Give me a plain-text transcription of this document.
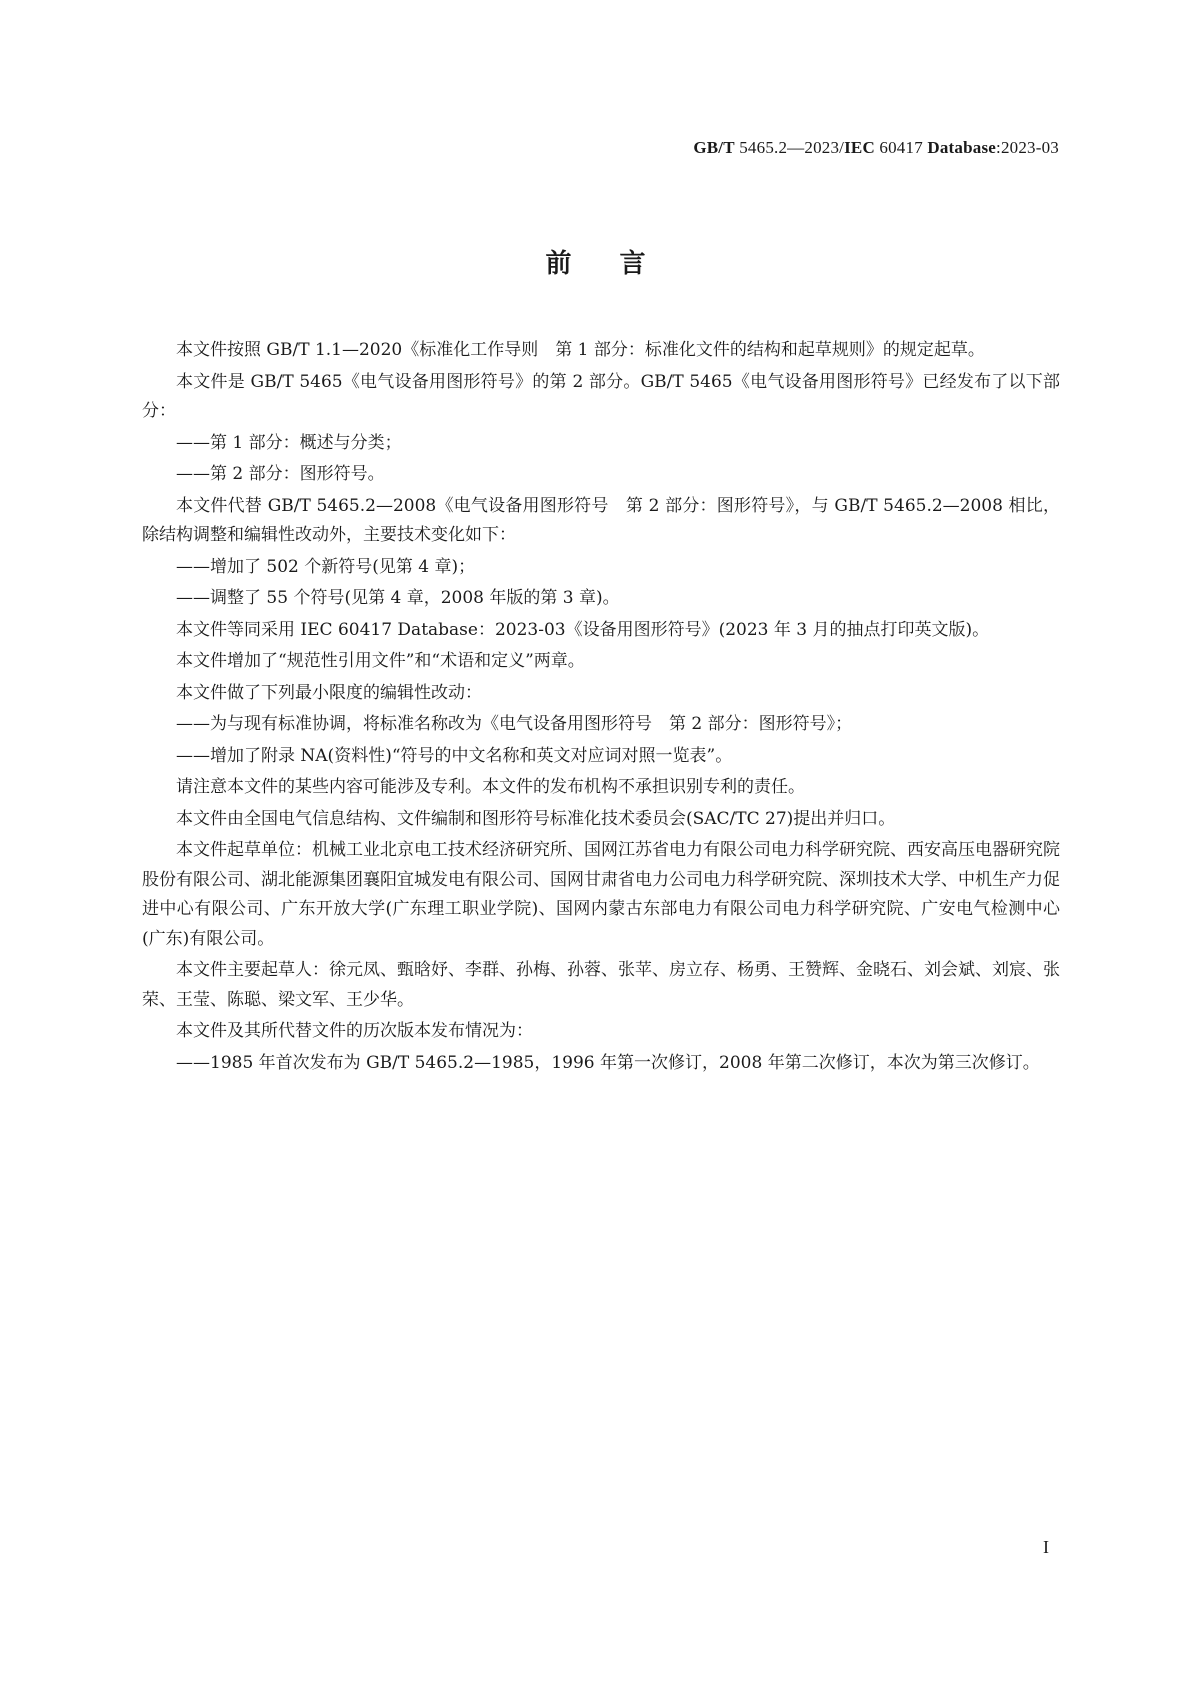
GB/T 5465.2—2023/IEC 60417 Database:2023-03
前言

本文件按照 GB/T 1.1—2020《标准化工作导则　第 1 部分：标准化文件的结构和起草规则》的规定起草。

本文件是 GB/T 5465《电气设备用图形符号》的第 2 部分。GB/T 5465《电气设备用图形符号》已经发布了以下部分：

——第 1 部分：概述与分类；

——第 2 部分：图形符号。

本文件代替 GB/T 5465.2—2008《电气设备用图形符号　第 2 部分：图形符号》，与 GB/T 5465.2—2008 相比，除结构调整和编辑性改动外，主要技术变化如下：

——增加了 502 个新符号(见第 4 章)；

——调整了 55 个符号(见第 4 章，2008 年版的第 3 章)。

本文件等同采用 IEC 60417 Database：2023-03《设备用图形符号》(2023 年 3 月的抽点打印英文版)。

本文件增加了“规范性引用文件”和“术语和定义”两章。

本文件做了下列最小限度的编辑性改动：

——为与现有标准协调，将标准名称改为《电气设备用图形符号　第 2 部分：图形符号》；

——增加了附录 NA(资料性)“符号的中文名称和英文对应词对照一览表”。

请注意本文件的某些内容可能涉及专利。本文件的发布机构不承担识别专利的责任。

本文件由全国电气信息结构、文件编制和图形符号标准化技术委员会(SAC/TC 27)提出并归口。

本文件起草单位：机械工业北京电工技术经济研究所、国网江苏省电力有限公司电力科学研究院、西安高压电器研究院股份有限公司、湖北能源集团襄阳宜城发电有限公司、国网甘肃省电力公司电力科学研究院、深圳技术大学、中机生产力促进中心有限公司、广东开放大学(广东理工职业学院)、国网内蒙古东部电力有限公司电力科学研究院、广安电气检测中心(广东)有限公司。

本文件主要起草人：徐元凤、甄晗妤、李群、孙梅、孙蓉、张苹、房立存、杨勇、王赞辉、金晓石、刘会斌、刘宸、张荣、王莹、陈聪、梁文军、王少华。

本文件及其所代替文件的历次版本发布情况为：

——1985 年首次发布为 GB/T 5465.2—1985，1996 年第一次修订，2008 年第二次修订，本次为第三次修订。

I
